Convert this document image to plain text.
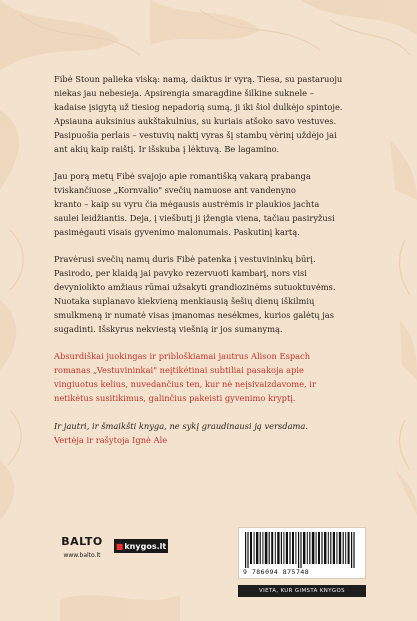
Fibė Stoun palieka viską: namą, daiktus ir vyrą. Tiesa, su pastaruoju

niekas jau nebesieja. Apsirengia smaragdine šilkine suknele –

kadaise įsigytą už tiesiog nepadorią sumą, ji iki šiol dulkėjo spintoje.

Apsiauna auksinius aukštakulnius, su kuriais atšoko savo vestuves.

Pasipuošia perlais – vestuvių naktį vyras šį stambų vėrinį uždėjo jai

ant akių kaip raištį. Ir išskuba į lėktuvą. Be lagamino.

Jau porą metų Fibė svajojo apie romantišką vakarą prabanga

tviskančiuose „Kornvalio" svečių namuose ant vandenyno

kranto – kaip su vyru čia mėgausis austrėmis ir plaukios jachta

saulei leidžiantis. Deja, į viešbutį ji įžengia viena, tačiau pasiryžusi

pasimėgauti visais gyvenimo malonumais. Paskutinį kartą.

Pravėrusi svečių namų duris Fibė patenka į vestuvininkų būrį.

Pasirodo, per klaidą jai pavyko rezervuoti kambarį, nors visi

devyniolikto amžiaus rūmai užsakyti grandiozinėms sutuoktuvėms.

Nuotaka suplanavo kiekvieną menkiausią šešių dienų iškilmių

smulkmeną ir numatė visas įmanomas nesėkmes, kurios galėtų jas

sugadinti. Išskyrus nekviestą viešnią ir jos sumanymą.

Absurdiškai juokingas ir pribloškiamai jautrus Alison Espach

romanas „Vestuvininkai" neįtikėtinai subtiliai pasakoja apie

vingiuotus kelius, nuvedančius ten, kur nė neįsivaizdavome, ir

netikėtus susitikimus, galinčius pakeisti gyvenimo kryptį.

Ir jautri, ir šmaikšti knyga, ne sykį graudinausi ją versdama.

Vertėja ir rašytoja Ignė Ale

BALTO
www.balto.lt
■ knygos.lt
9 786094 875748
VIETA, KUR GIMSTA KNYGOS
